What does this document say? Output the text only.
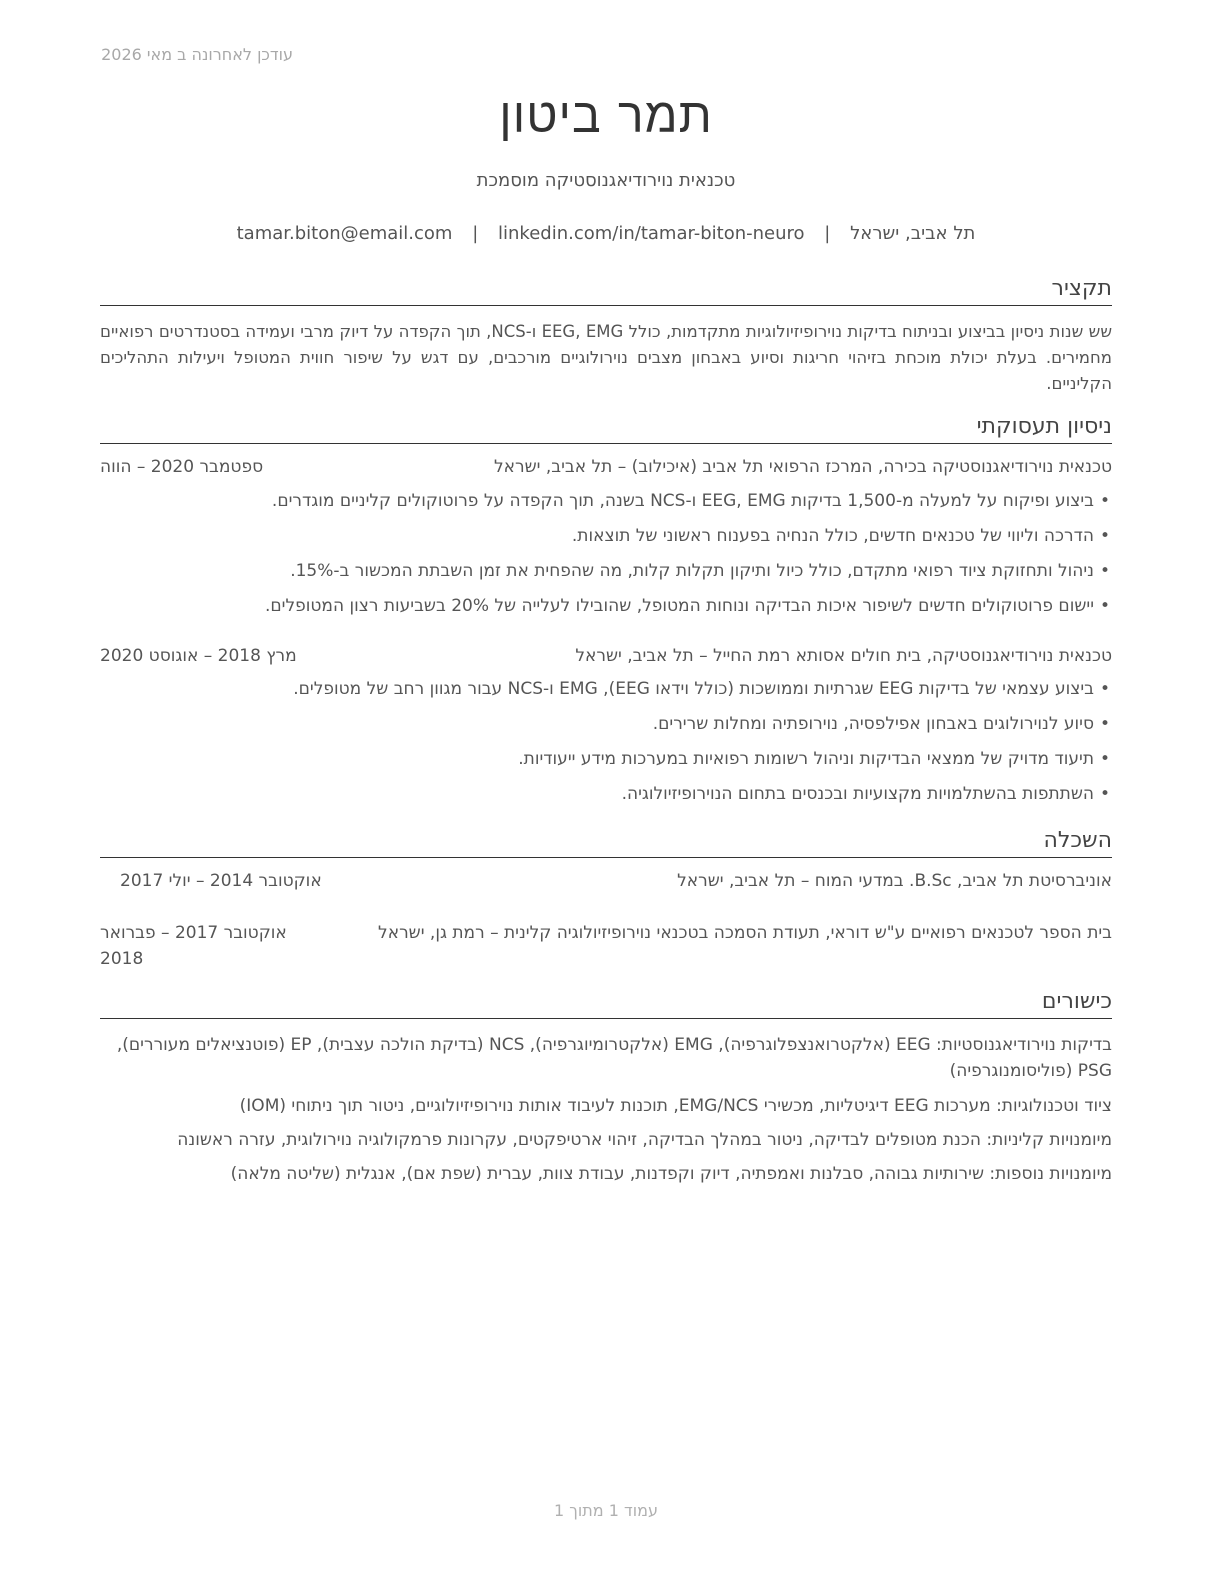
עודכן לאחרונה ב מאי 2026
תמר ביטון
טכנאית נוירודיאגנוסטיקה מוסמכת
תל אביב, ישראל | tamar.biton@email.com | linkedin.com/in/tamar-biton-neuro
תקציר
שש שנות ניסיון בביצוע ובניתוח בדיקות נוירופיזיולוגיות מתקדמות, כולל EEG, EMG ו-NCS, תוך הקפדה על דיוק מרבי ועמידה בסטנדרטים רפואיים מחמירים. בעלת יכולת מוכחת בזיהוי חריגות וסיוע באבחון מצבים נוירולוגיים מורכבים, עם דגש על שיפור חווית המטופל ויעילות התהליכים הקליניים.
ניסיון תעסוקתי
טכנאית נוירודיאגנוסטיקה בכירה, המרכז הרפואי תל אביב (איכילוב) – תל אביב, ישראל
ספטמבר 2020 – הווה
•
ביצוע ופיקוח על למעלה מ-1,500 בדיקות EEG, EMG ו-NCS בשנה, תוך הקפדה על פרוטוקולים קליניים מוגדרים.
•
הדרכה וליווי של טכנאים חדשים, כולל הנחיה בפענוח ראשוני של תוצאות.
•
ניהול ותחזוקת ציוד רפואי מתקדם, כולל כיול ותיקון תקלות קלות, מה שהפחית את זמן השבתת המכשור ב-15%.
•
יישום פרוטוקולים חדשים לשיפור איכות הבדיקה ונוחות המטופל, שהובילו לעלייה של 20% בשביעות רצון המטופלים.
טכנאית נוירודיאגנוסטיקה, בית חולים אסותא רמת החייל – תל אביב, ישראל
מרץ 2018 – אוגוסט 2020
•
ביצוע עצמאי של בדיקות EEG שגרתיות וממושכות (כולל וידאו EEG), EMG ו-NCS עבור מגוון רחב של מטופלים.
•
סיוע לנוירולוגים באבחון אפילפסיה, נוירופתיה ומחלות שרירים.
•
תיעוד מדויק של ממצאי הבדיקות וניהול רשומות רפואיות במערכות מידע ייעודיות.
•
השתתפות בהשתלמויות מקצועיות ובכנסים בתחום הנוירופיזיולוגיה.
השכלה
אוניברסיטת תל אביב, B.Sc. במדעי המוח – תל אביב, ישראל
אוקטובר 2014 – יולי 2017
בית הספר לטכנאים רפואיים ע"ש דוראי, תעודת הסמכה בטכנאי נוירופיזיולוגיה קלינית – רמת גן, ישראל
אוקטובר 2017 – פברואר 2018
כישורים
בדיקות נוירודיאגנוסטיות: EEG (אלקטרואנצפלוגרפיה), EMG (אלקטרומיוגרפיה), NCS (בדיקת הולכה עצבית), EP (פוטנציאלים מעוררים), PSG (פוליסומנוגרפיה)
ציוד וטכנולוגיות: מערכות EEG דיגיטליות, מכשירי EMG/NCS, תוכנות לעיבוד אותות נוירופיזיולוגיים, ניטור תוך ניתוחי (IOM)
מיומנויות קליניות: הכנת מטופלים לבדיקה, ניטור במהלך הבדיקה, זיהוי ארטיפקטים, עקרונות פרמקולוגיה נוירולוגית, עזרה ראשונה
מיומנויות נוספות: שירותיות גבוהה, סבלנות ואמפתיה, דיוק וקפדנות, עבודת צוות, עברית (שפת אם), אנגלית (שליטה מלאה)
עמוד 1 מתוך 1
